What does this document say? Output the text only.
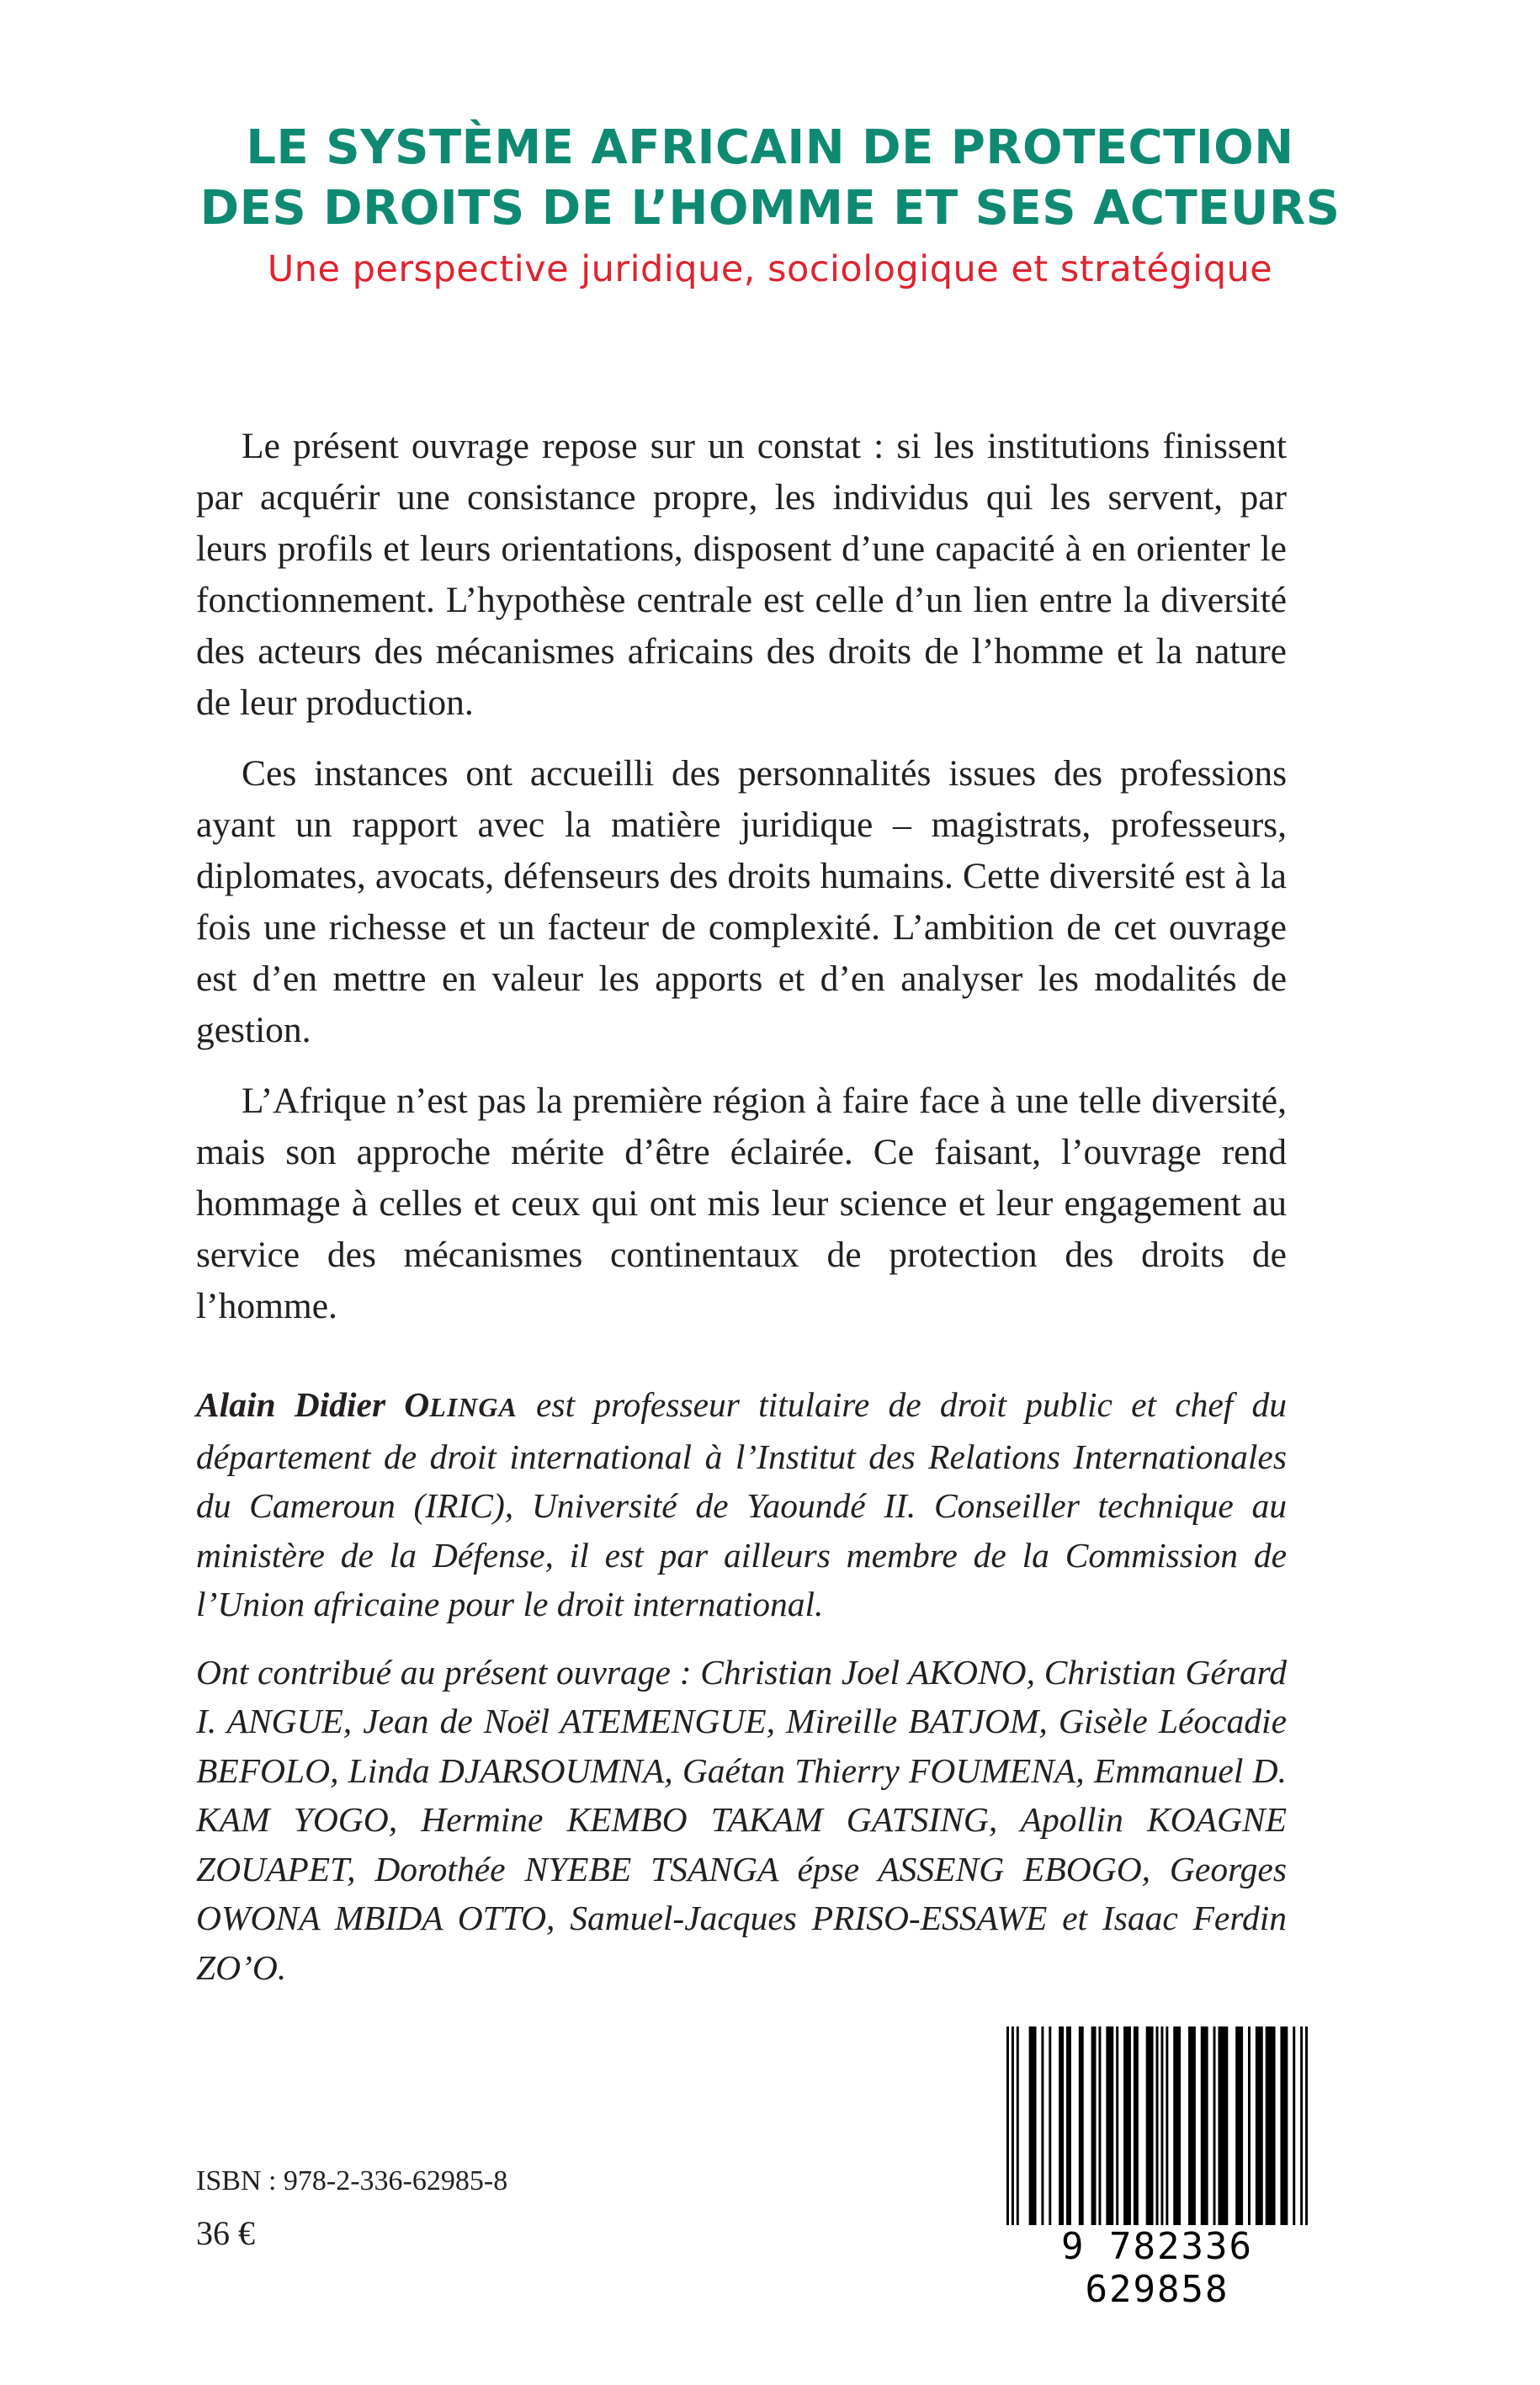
LE SYSTÈME AFRICAIN DE PROTECTION
DES DROITS DE L’HOMME ET SES ACTEURS
Une perspective juridique, sociologique et stratégique

Le présent ouvrage repose sur un constat : si les institutions finissent par acquérir une consistance propre, les individus qui les servent, par leurs profils et leurs orientations, disposent d’une capacité à en orienter le fonctionnement. L’hypothèse centrale est celle d’un lien entre la diversité des acteurs des mécanismes africains des droits de l’homme et la nature de leur production.

Ces instances ont accueilli des personnalités issues des professions ayant un rapport avec la matière juridique – magistrats, professeurs, diplomates, avocats, défenseurs des droits humains. Cette diversité est à la fois une richesse et un facteur de complexité. L’ambition de cet ouvrage est d’en mettre en valeur les apports et d’en analyser les modalités de gestion.

L’Afrique n’est pas la première région à faire face à une telle diversité, mais son approche mérite d’être éclairée. Ce faisant, l’ouvrage rend hommage à celles et ceux qui ont mis leur science et leur engagement au service des mécanismes continentaux de protection des droits de l’homme.

Alain Didier OLINGA est professeur titulaire de droit public et chef du département de droit international à l’Institut des Relations Internationales du Cameroun (IRIC), Université de Yaoundé II. Conseiller technique au ministère de la Défense, il est par ailleurs membre de la Commission de l’Union africaine pour le droit international.

Ont contribué au présent ouvrage : Christian Joel AKONO, Christian Gérard I. ANGUE, Jean de Noël ATEMENGUE, Mireille BATJOM, Gisèle Léocadie BEFOLO, Linda DJARSOUMNA, Gaétan Thierry FOUMENA, Emmanuel D. KAM YOGO, Hermine KEMBO TAKAM GATSING, Apollin KOAGNE ZOUAPET, Dorothée NYEBE TSANGA épse ASSENG EBOGO, Georges OWONA MBIDA OTTO, Samuel-Jacques PRISO-ESSAWE et Isaac Ferdin ZO’O.

ISBN : 978-2-336-62985-8
36 €	9 782336 629858
